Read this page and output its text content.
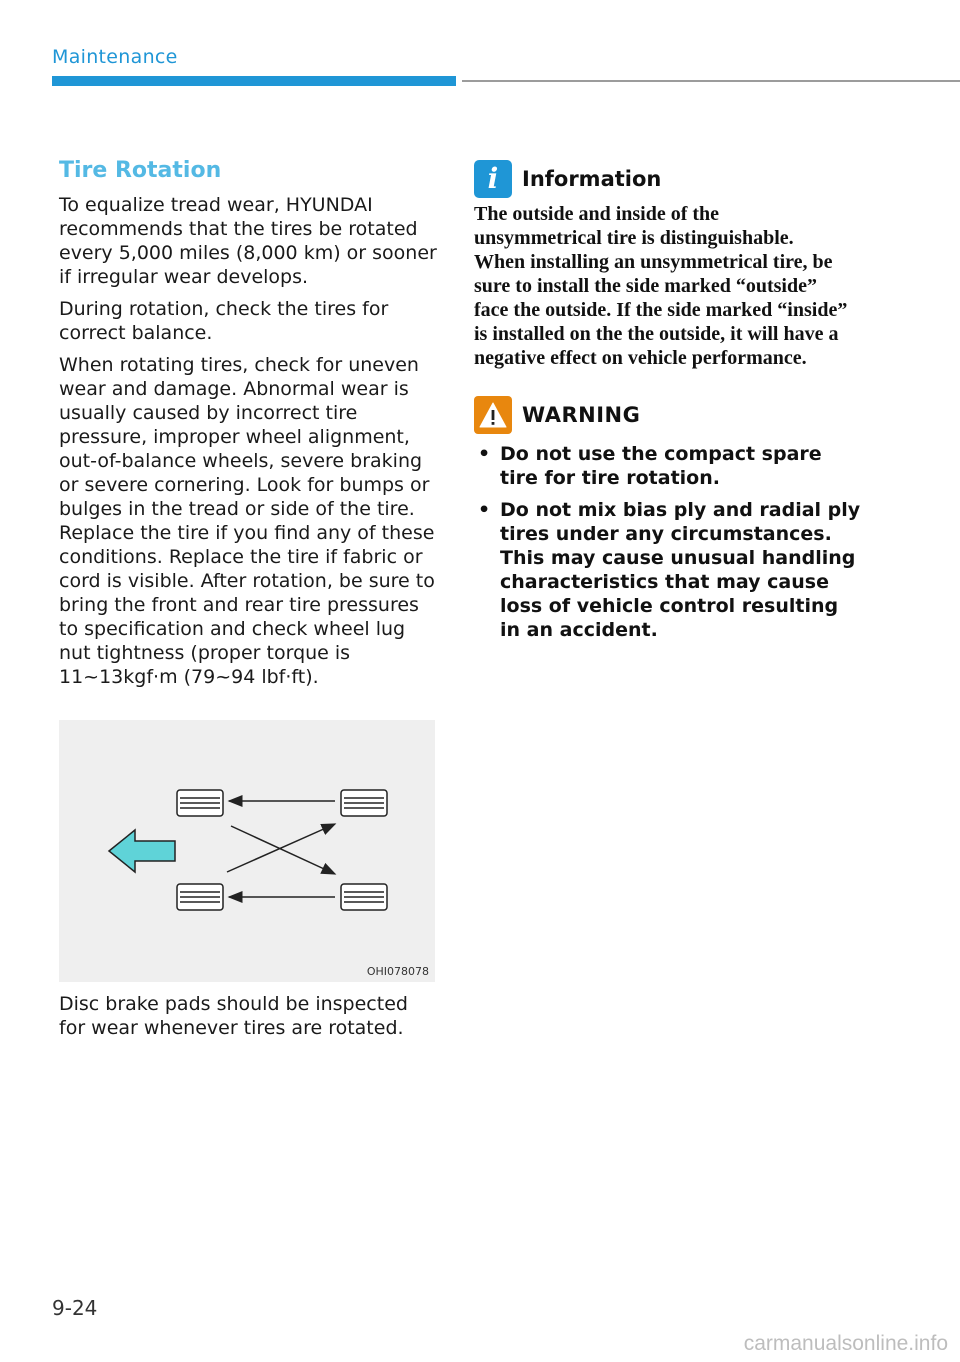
Maintenance
Tire Rotation

To equalize tread wear, HYUNDAI recommends that the tires be rotated every 5,000 miles (8,000 km) or sooner if irregular wear develops.

During rotation, check the tires for correct balance.

When rotating tires, check for uneven wear and damage. Abnormal wear is usually caused by incorrect tire pressure, improper wheel alignment, out-of-balance wheels, severe braking or severe cornering. Look for bumps or bulges in the tread or side of the tire. Replace the tire if you find any of these conditions. Replace the tire if fabric or cord is visible. After rotation, be sure to bring the front and rear tire pressures to specification and check wheel lug nut tightness (proper torque is 11~13kgf·m (79~94 lbf·ft).

OHI078078

Disc brake pads should be inspected for wear whenever tires are rotated.

i	Information

The outside and inside of the unsymmetrical tire is distinguishable. When installing an unsymmetrical tire, be sure to install the side marked “outside” face the outside. If the side marked “inside” is installed on the the outside, it will have a negative effect on vehicle performance.

WARNING
• Do not use the compact spare tire for tire rotation.
• Do not mix bias ply and radial ply tires under any circumstances. This may cause unusual handling characteristics that may cause loss of vehicle control resulting in an accident.
9-24
carmanualsonline.info
